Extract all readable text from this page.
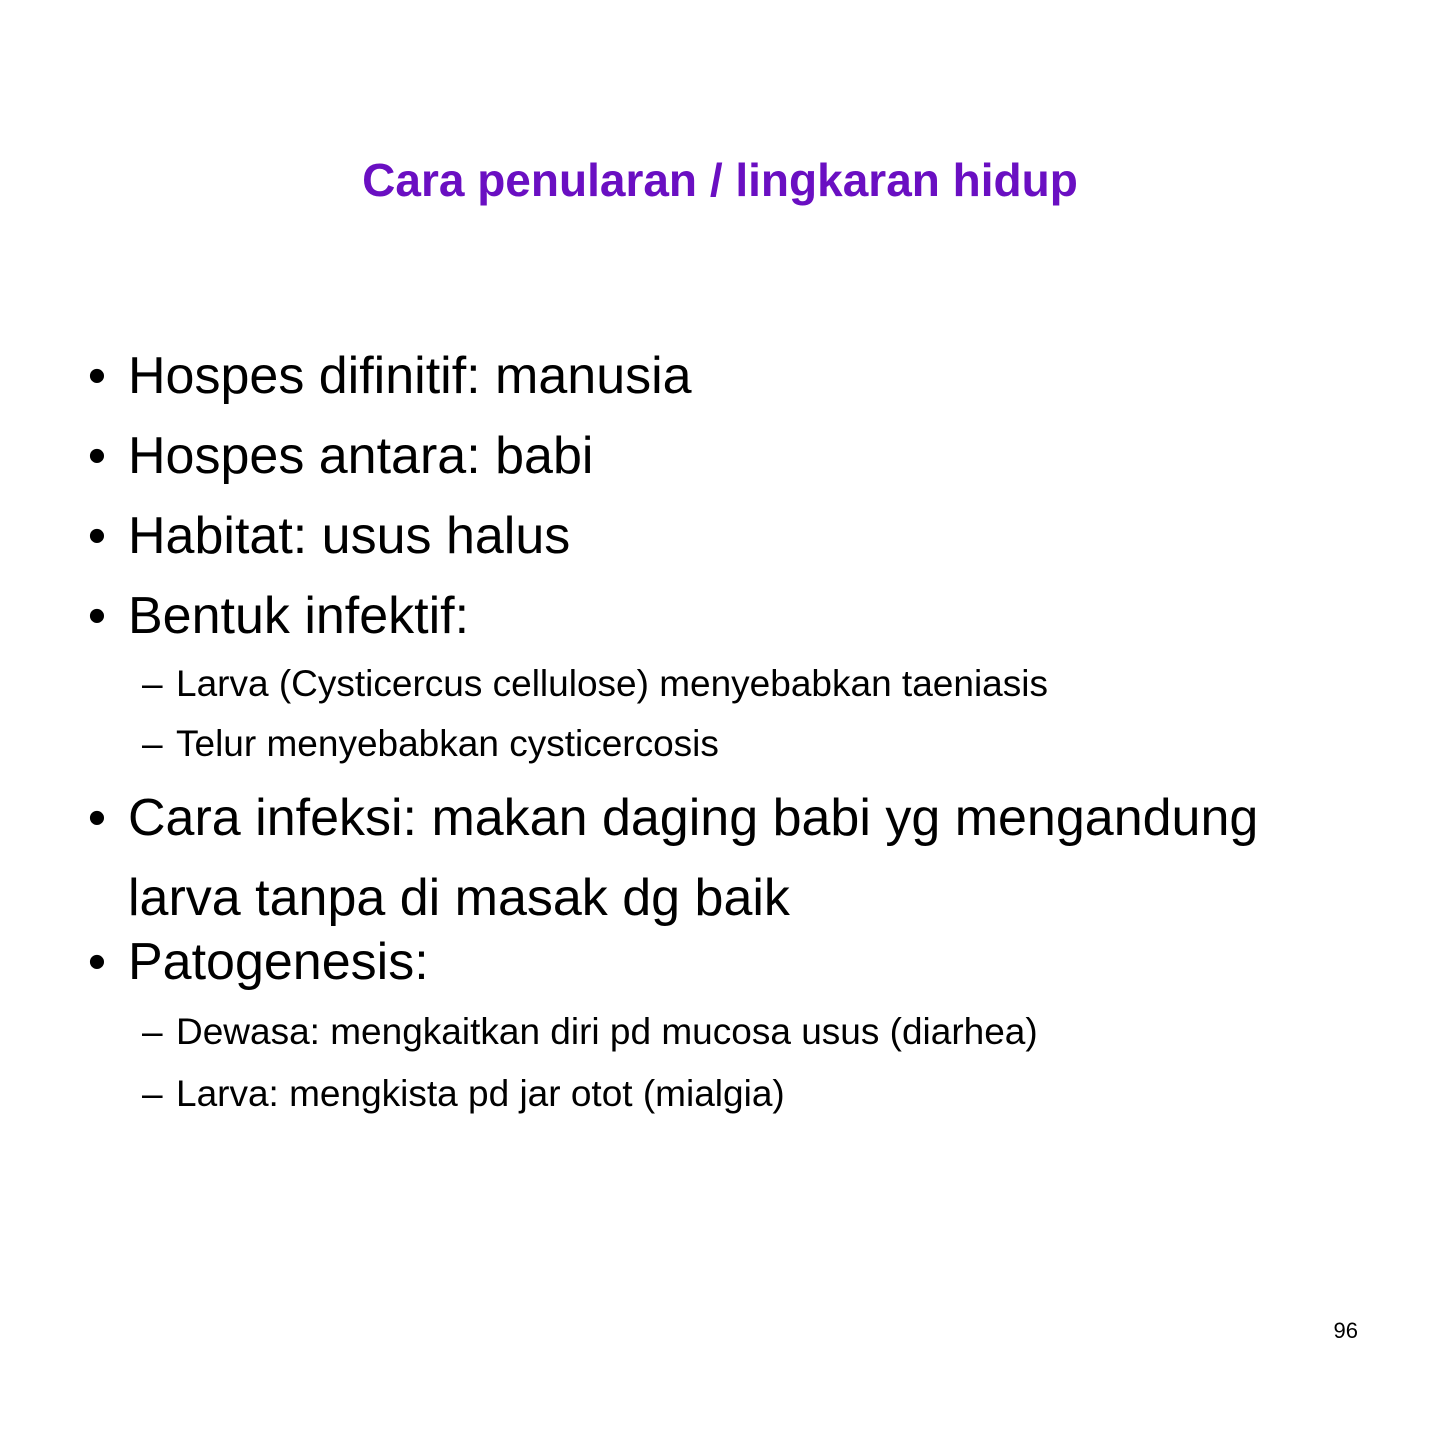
Cara penularan / lingkaran hidup
• Hospes difinitif: manusia
• Hospes antara: babi
• Habitat: usus halus
• Bentuk infektif:
– Larva (Cysticercus cellulose) menyebabkan taeniasis
– Telur menyebabkan cysticercosis
• Cara infeksi: makan daging babi yg mengandung larva tanpa di masak dg baik
• Patogenesis:
– Dewasa: mengkaitkan diri pd mucosa usus (diarhea)
– Larva: mengkista pd jar otot (mialgia)
96
